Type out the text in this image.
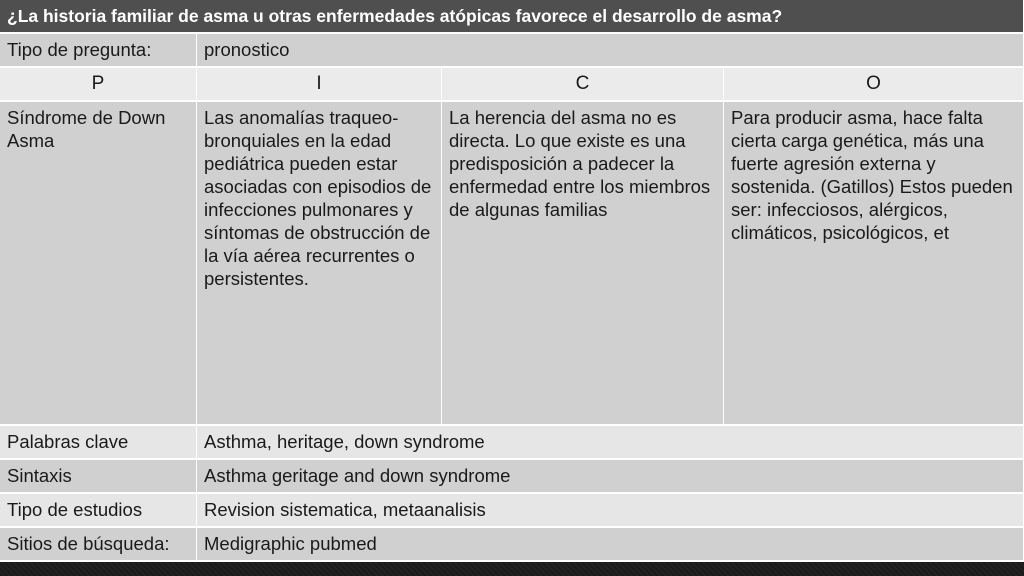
¿La historia familiar de asma u otras enfermedades atópicas favorece el desarrollo de asma?			
Tipo de pregunta:	pronostico		
P	I	C	O
Síndrome de Down Asma	Las anomalías traqueo-bronquiales en la edad pediátrica pueden estar asociadas con episodios de infecciones pulmonares y síntomas de obstrucción de la vía aérea recurrentes o persistentes.	La herencia del asma no es directa. Lo que existe es una predisposición a padecer la enfermedad entre los miembros de algunas familias	Para producir asma, hace falta cierta carga genética, más una fuerte agresión externa y sostenida. (Gatillos) Estos pueden ser: infecciosos, alérgicos, climáticos, psicológicos, et
Palabras clave	Asthma, heritage, down syndrome		
Sintaxis	Asthma geritage and down syndrome		
Tipo de estudios	Revision sistematica, metaanalisis		
Sitios de búsqueda:	Medigraphic pubmed		
